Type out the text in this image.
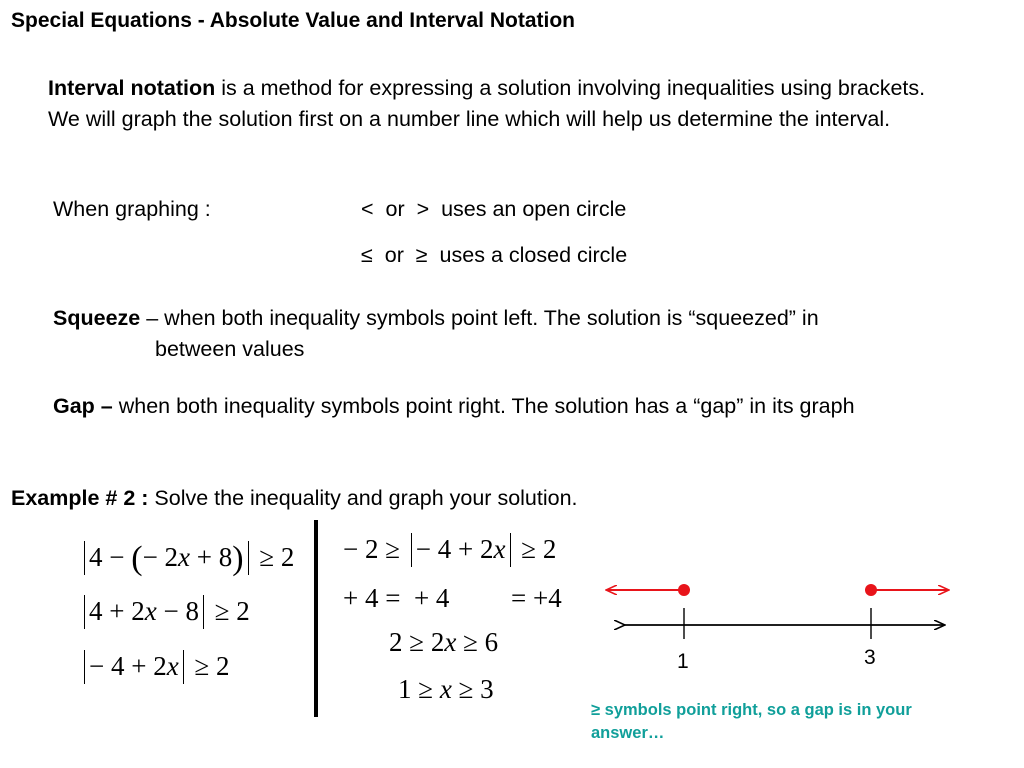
Special Equations - Absolute Value and Interval Notation
Interval notation is a method for expressing a solution involving inequalities using brackets. We will graph the solution first on a number line which will help us determine the interval.
When graphing :	<  or  >  uses an open circle
≤  or  ≥  uses a closed circle
Squeeze – when both inequality symbols point left. The solution is “squeezed” in
between values
Gap – when both inequality symbols point right. The solution has a “gap” in its graph
Example # 2 : Solve the inequality and graph your solution.
4 − (− 2x + 8) ≥ 2
4 + 2x − 8 ≥ 2
− 4 + 2x ≥ 2
− 2 ≥ − 4 + 2x ≥ 2
+ 4 =  + 4 = +4
2 ≥ 2x ≥ 6
1 ≥ x ≥ 3
1	3
≥ symbols point right, so a gap is in your answer…
